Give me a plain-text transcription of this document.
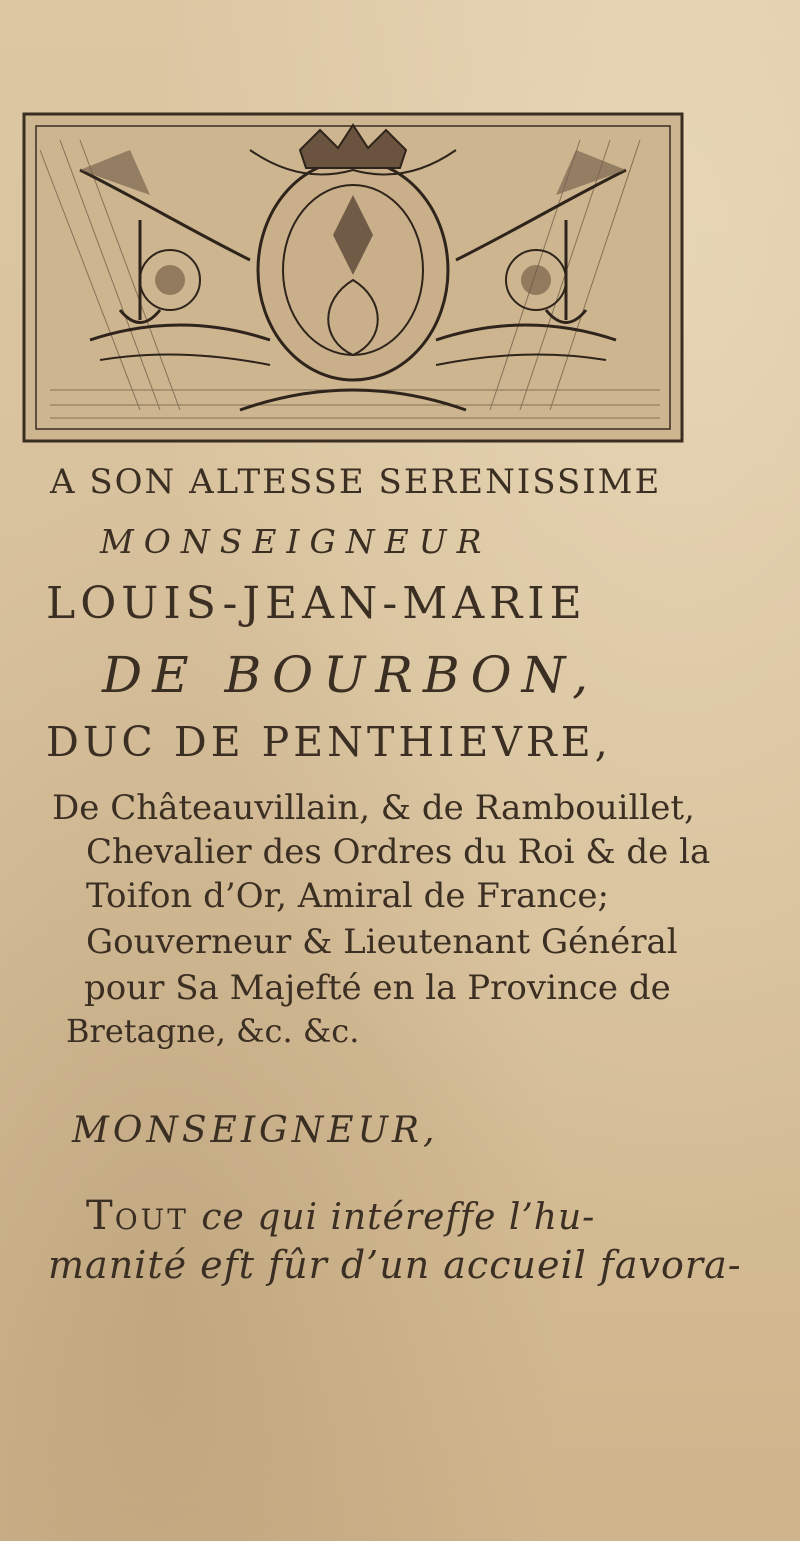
A SON ALTESSE SERENISSIME
MONSEIGNEUR
LOUIS-JEAN-MARIE
DE BOURBON,
DUC DE PENTHIEVRE,
De Châteauvillain, & de Rambouillet,
Chevalier des Ordres du Roi & de la
Toifon d’Or, Amiral de France;
Gouverneur & Lieutenant Général
pour Sa Majefté en la Province de
Bretagne, &c. &c.
MONSEIGNEUR,
TOUT ce qui intéreffe l’hu-
manité eft fûr d’un accueil favora-
